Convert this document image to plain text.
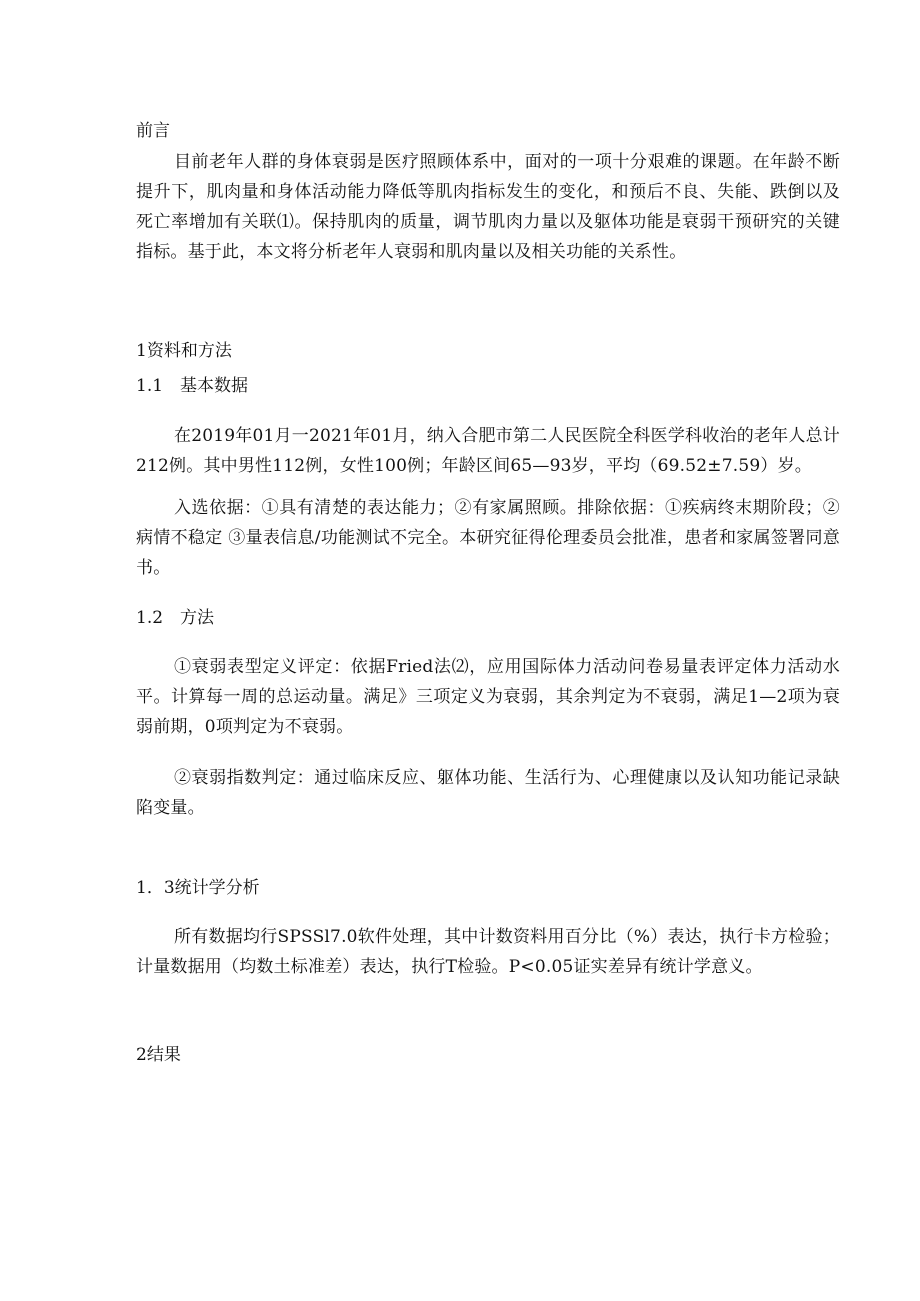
前言

目前老年人群的身体衰弱是医疗照顾体系中，面对的一项十分艰难的课题。在年龄不断提升下，肌肉量和身体活动能力降低等肌肉指标发生的变化，和预后不良、失能、跌倒以及死亡率增加有关联⑴。保持肌肉的质量，调节肌肉力量以及躯体功能是衰弱干预研究的关键指标。基于此，本文将分析老年人衰弱和肌肉量以及相关功能的关系性。

1资料和方法

1.1　基本数据

在2019年01月一2021年01月，纳入合肥市第二人民医院全科医学科收治的老年人总计212例。其中男性112例，女性100例；年龄区间65—93岁，平均（69.52±7.59）岁。

入选依据：①具有清楚的表达能力；②有家属照顾。排除依据：①疾病终末期阶段；②病情不稳定 ③量表信息/功能测试不完全。本研究征得伦理委员会批准，患者和家属签署同意书。

1.2　方法

①衰弱表型定义评定：依据Fried法⑵，应用国际体力活动问卷易量表评定体力活动水平。计算每一周的总运动量。满足》三项定义为衰弱，其余判定为不衰弱，满足1—2项为衰弱前期，0项判定为不衰弱。

②衰弱指数判定：通过临床反应、躯体功能、生活行为、心理健康以及认知功能记录缺陷变量。

1．3统计学分析

所有数据均行SPSSl7.0软件处理，其中计数资料用百分比（%）表达，执行卡方检验；计量数据用（均数土标准差）表达，执行T检验。P<0.05证实差异有统计学意义。

2结果
